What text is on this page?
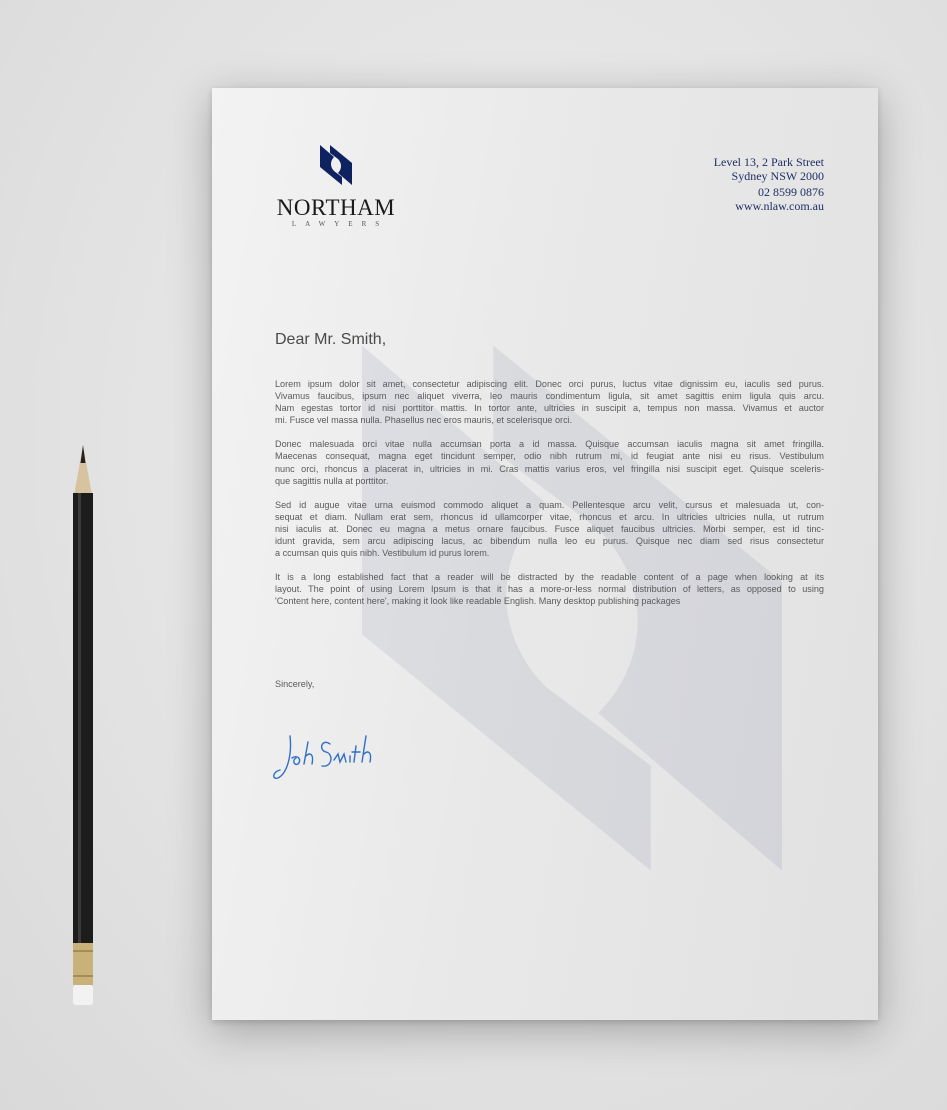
NORTHAM
LAWYERS
Level 13, 2 Park Street
Sydney NSW 2000
02 8599 0876
www.nlaw.com.au
Dear Mr. Smith,
Lorem ipsum dolor sit amet, consectetur adipiscing elit. Donec orci purus, luctus vitae dignissim eu, iaculis sed purus.
Vivamus faucibus, ipsum nec aliquet viverra, leo mauris condimentum ligula, sit amet sagittis enim ligula quis arcu.
Nam egestas tortor id nisi porttitor mattis. In tortor ante, ultricies in suscipit a, tempus non massa. Vivamus et auctor
mi. Fusce vel massa nulla. Phasellus nec eros mauris, et scelerisque orci.
Donec malesuada orci vitae nulla accumsan porta a id massa. Quisque accumsan iaculis magna sit amet fringilla.
Maecenas consequat, magna eget tincidunt semper, odio nibh rutrum mi, id feugiat ante nisi eu risus. Vestibulum
nunc orci, rhoncus a placerat in, ultricies in mi. Cras mattis varius eros, vel fringilla nisi suscipit eget. Quisque sceleris-
que sagittis nulla at porttitor.
Sed id augue vitae urna euismod commodo aliquet a quam. Pellentesque arcu velit, cursus et malesuada ut, con-
sequat et diam. Nullam erat sem, rhoncus id ullamcorper vitae, rhoncus et arcu. In ultricies ultricies nulla, ut rutrum
nisi iaculis at. Donec eu magna a metus ornare faucibus. Fusce aliquet faucibus ultricies. Morbi semper, est id tinc-
idunt gravida, sem arcu adipiscing lacus, ac bibendum nulla leo eu purus. Quisque nec diam sed risus consectetur
a ccumsan quis quis nibh. Vestibulum id purus lorem.
It is a long established fact that a reader will be distracted by the readable content of a page when looking at its
layout. The point of using Lorem Ipsum is that it has a more-or-less normal distribution of letters, as opposed to using
'Content here, content here', making it look like readable English. Many desktop publishing packages
Sincerely,
